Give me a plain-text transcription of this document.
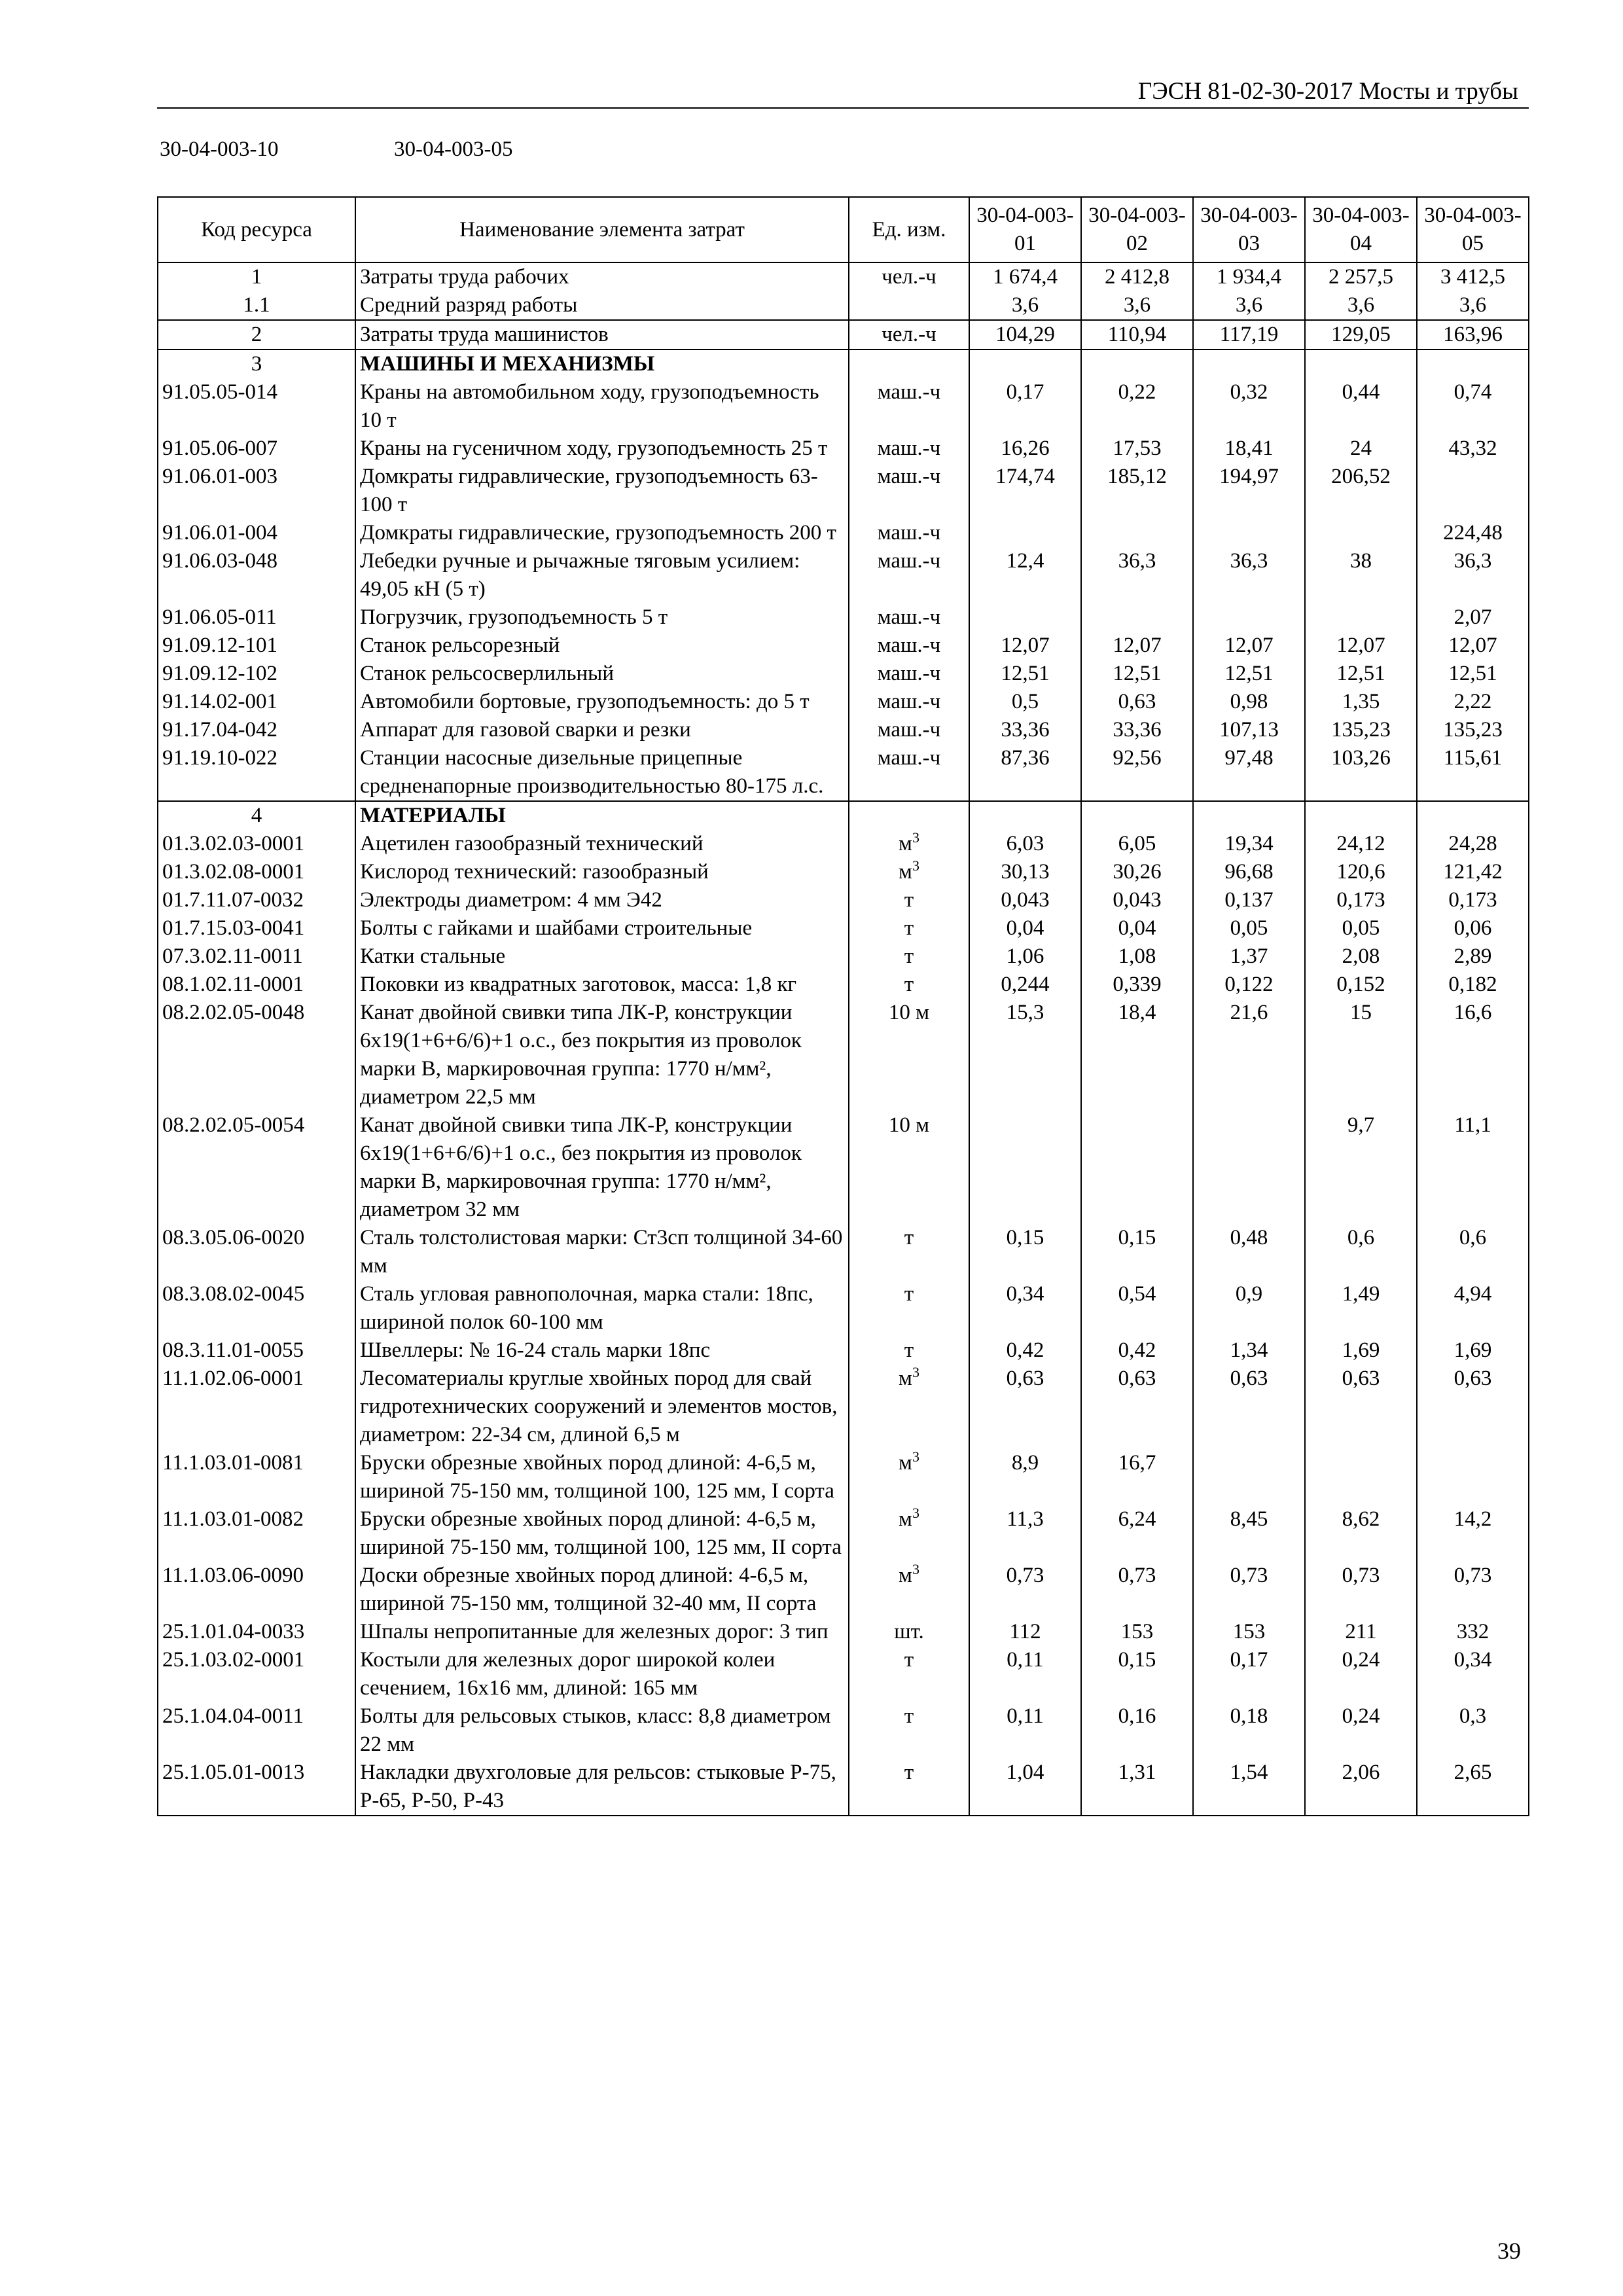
ГЭСН 81-02-30-2017 Мосты и трубы
30-04-003-10	30-04-003-05
Код ресурса	Наименование элемента затрат	Ед. изм.	30-04-003-01	30-04-003-02	30-04-003-03	30-04-003-04	30-04-003-05
1	Затраты труда рабочих	чел.-ч	1 674,4	2 412,8	1 934,4	2 257,5	3 412,5
1.1	Средний разряд работы		3,6	3,6	3,6	3,6	3,6
2	Затраты труда машинистов	чел.-ч	104,29	110,94	117,19	129,05	163,96
3	МАШИНЫ И МЕХАНИЗМЫ						
91.05.05-014	Краны на автомобильном ходу, грузоподъемность 10 т	маш.-ч	0,17	0,22	0,32	0,44	0,74
91.05.06-007	Краны на гусеничном ходу, грузоподъемность 25 т	маш.-ч	16,26	17,53	18,41	24	43,32
91.06.01-003	Домкраты гидравлические, грузоподъемность 63-100 т	маш.-ч	174,74	185,12	194,97	206,52	
91.06.01-004	Домкраты гидравлические, грузоподъемность 200 т	маш.-ч					224,48
91.06.03-048	Лебедки ручные и рычажные тяговым усилием: 49,05 кН (5 т)	маш.-ч	12,4	36,3	36,3	38	36,3
91.06.05-011	Погрузчик, грузоподъемность 5 т	маш.-ч					2,07
91.09.12-101	Станок рельсорезный	маш.-ч	12,07	12,07	12,07	12,07	12,07
91.09.12-102	Станок рельсосверлильный	маш.-ч	12,51	12,51	12,51	12,51	12,51
91.14.02-001	Автомобили бортовые, грузоподъемность: до 5 т	маш.-ч	0,5	0,63	0,98	1,35	2,22
91.17.04-042	Аппарат для газовой сварки и резки	маш.-ч	33,36	33,36	107,13	135,23	135,23
91.19.10-022	Станции насосные дизельные прицепные средненапорные производительностью 80-175 л.с.	маш.-ч	87,36	92,56	97,48	103,26	115,61
4	МАТЕРИАЛЫ						
01.3.02.03-0001	Ацетилен газообразный технический	$м^3$	6,03	6,05	19,34	24,12	24,28
01.3.02.08-0001	Кислород технический: газообразный	$м^3$	30,13	30,26	96,68	120,6	121,42
01.7.11.07-0032	Электроды диаметром: 4 мм Э42	т	0,043	0,043	0,137	0,173	0,173
01.7.15.03-0041	Болты с гайками и шайбами строительные	т	0,04	0,04	0,05	0,05	0,06
07.3.02.11-0011	Катки стальные	т	1,06	1,08	1,37	2,08	2,89
08.1.02.11-0001	Поковки из квадратных заготовок, масса: 1,8 кг	т	0,244	0,339	0,122	0,152	0,182
08.2.02.05-0048	Канат двойной свивки типа ЛК-Р, конструкции 6х19(1+6+6/6)+1 о.с., без покрытия из проволок марки В, маркировочная группа: 1770 н/мм², диаметром 22,5 мм	10 м	15,3	18,4	21,6	15	16,6
08.2.02.05-0054	Канат двойной свивки типа ЛК-Р, конструкции 6х19(1+6+6/6)+1 о.с., без покрытия из проволок марки В, маркировочная группа: 1770 н/мм², диаметром 32 мм	10 м				9,7	11,1
08.3.05.06-0020	Сталь толстолистовая марки: Ст3сп толщиной 34-60 мм	т	0,15	0,15	0,48	0,6	0,6
08.3.08.02-0045	Сталь угловая равнополочная, марка стали: 18пс, шириной полок 60-100 мм	т	0,34	0,54	0,9	1,49	4,94
08.3.11.01-0055	Швеллеры: № 16-24 сталь марки 18пс	т	0,42	0,42	1,34	1,69	1,69
11.1.02.06-0001	Лесоматериалы круглые хвойных пород для свай гидротехнических сооружений и элементов мостов, диаметром: 22-34 см, длиной 6,5 м	$м^3$	0,63	0,63	0,63	0,63	0,63
11.1.03.01-0081	Бруски обрезные хвойных пород длиной: 4-6,5 м, шириной 75-150 мм, толщиной 100, 125 мм, I сорта	$м^3$	8,9	16,7			
11.1.03.01-0082	Бруски обрезные хвойных пород длиной: 4-6,5 м, шириной 75-150 мм, толщиной 100, 125 мм, II сорта	$м^3$	11,3	6,24	8,45	8,62	14,2
11.1.03.06-0090	Доски обрезные хвойных пород длиной: 4-6,5 м, шириной 75-150 мм, толщиной 32-40 мм, II сорта	$м^3$	0,73	0,73	0,73	0,73	0,73
25.1.01.04-0033	Шпалы непропитанные для железных дорог: 3 тип	шт.	112	153	153	211	332
25.1.03.02-0001	Костыли для железных дорог широкой колеи сечением, 16х16 мм, длиной: 165 мм	т	0,11	0,15	0,17	0,24	0,34
25.1.04.04-0011	Болты для рельсовых стыков, класс: 8,8 диаметром 22 мм	т	0,11	0,16	0,18	0,24	0,3
25.1.05.01-0013	Накладки двухголовые для рельсов: стыковые Р-75, Р-65, Р-50, Р-43	т	1,04	1,31	1,54	2,06	2,65
39
